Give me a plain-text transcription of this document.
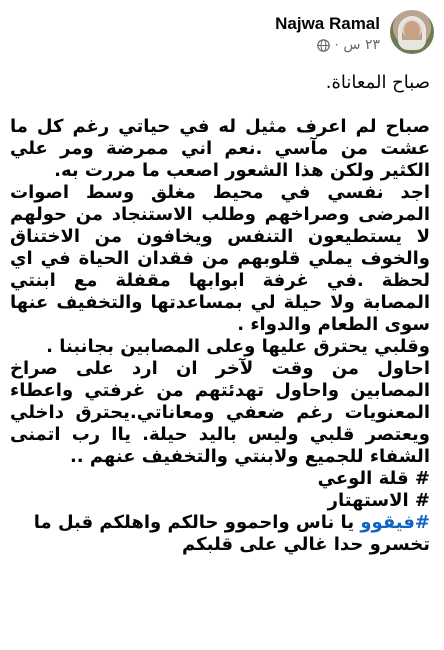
Najwa Ramal
٢٣ س
·
صباح المعاناة.
صباح لم اعرف مثيل له في حياتي رغم كل ما عشت من مآسي .نعم اني ممرضة ومر علي الكثير ولكن هذا الشعور اصعب ما مررت به.
اجد نفسي في محيط مغلق وسط اصوات المرضى وصراخهم وطلب الاستنجاد من حولهم لا يستطيعون التنفس ويخافون من الاختناق والخوف يملي قلوبهم من فقدان الحياة في اي لحظة .في غرفة ابوابها مقفلة مع ابنتي المصابة ولا حيلة لي بمساعدتها والتخفيف عنها سوى الطعام والدواء .
وقلبي يحترق عليها وعلى المصابين بجانبنا .
احاول من وقت لآخر ان ارد على صراخ المصابين واحاول تهدئتهم من غرفتي واعطاء المعنويات رغم ضعفي ومعاناتي.يحترق داخلي ويعتصر قلبي وليس باليد حيلة. ياا رب اتمنى الشفاء للجميع ولابنتي والتخفيف عنهم ..
# قلة الوعي
# الاستهتار
#فيقوو يا ناس واحموو حالكم واهلكم قبل ما
تخسرو حدا غالي على قلبكم
